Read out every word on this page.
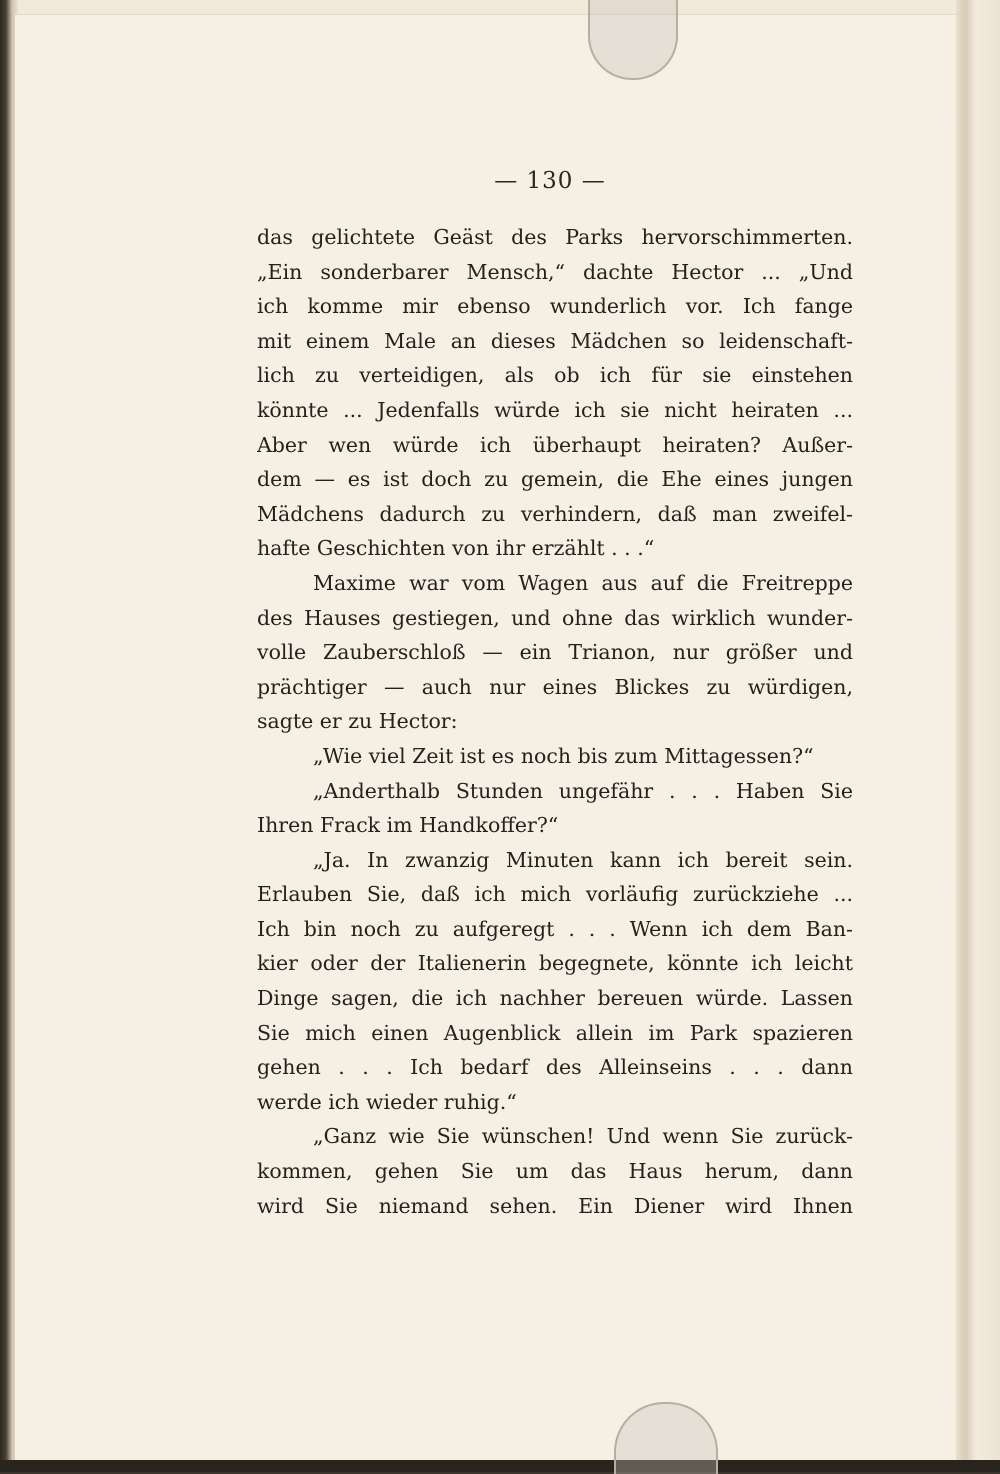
— 130 —
das gelichtete Geäst des Parks hervorschimmerten.
„Ein sonderbarer Mensch,“ dachte Hector ... „Und
ich komme mir ebenso wunderlich vor. Ich fange
mit einem Male an dieses Mädchen so leidenschaft-
lich zu verteidigen, als ob ich für sie einstehen
könnte ... Jedenfalls würde ich sie nicht heiraten ...
Aber wen würde ich überhaupt heiraten? Außer-
dem — es ist doch zu gemein, die Ehe eines jungen
Mädchens dadurch zu verhindern, daß man zweifel-
hafte Geschichten von ihr erzählt . . .“
Maxime war vom Wagen aus auf die Freitreppe
des Hauses gestiegen, und ohne das wirklich wunder-
volle Zauberschloß — ein Trianon, nur größer und
prächtiger — auch nur eines Blickes zu würdigen,
sagte er zu Hector:
„Wie viel Zeit ist es noch bis zum Mittagessen?“
„Anderthalb Stunden ungefähr . . . Haben Sie
Ihren Frack im Handkoffer?“
„Ja. In zwanzig Minuten kann ich bereit sein.
Erlauben Sie, daß ich mich vorläufig zurückziehe ...
Ich bin noch zu aufgeregt . . . Wenn ich dem Ban-
kier oder der Italienerin begegnete, könnte ich leicht
Dinge sagen, die ich nachher bereuen würde. Lassen
Sie mich einen Augenblick allein im Park spazieren
gehen . . . Ich bedarf des Alleinseins . . . dann
werde ich wieder ruhig.“
„Ganz wie Sie wünschen! Und wenn Sie zurück-
kommen, gehen Sie um das Haus herum, dann
wird Sie niemand sehen. Ein Diener wird Ihnen
